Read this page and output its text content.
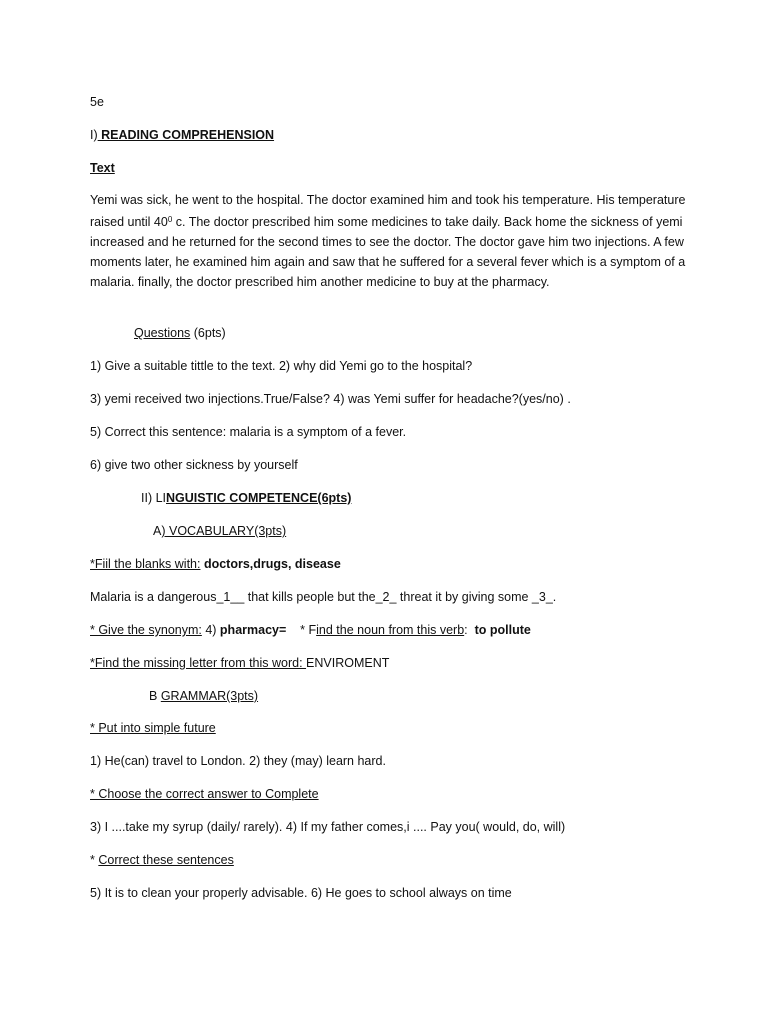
5e
I) READING COMPREHENSION
Text
Yemi was sick, he went to the hospital. The doctor examined him and took his temperature. His temperature raised until $40^0$ c. The doctor prescribed him some medicines to take daily. Back home the sickness of yemi increased and he returned for the second times to see the doctor. The doctor gave him two injections. A few moments later, he examined him again and saw that he suffered for a several fever which is a symptom of a malaria. finally, the doctor prescribed him another medicine to buy at the pharmacy.
Questions (6pts)
1) Give a suitable tittle to the text. 2) why did Yemi go to the hospital?
3) yemi received two injections.True/False? 4) was Yemi suffer for headache?(yes/no) .
5) Correct this sentence: malaria is a symptom of a fever.
6) give two other sickness by yourself
II) LINGUISTIC COMPETENCE(6pts)
A) VOCABULARY(3pts)
*Fiil the blanks with: doctors,drugs, disease
Malaria is a dangerous_1__ that kills people but the_2_ threat it by giving some _3_.
* Give the synonym: 4) pharmacy=    * Find the noun from this verb:  to pollute
*Find the missing letter from this word: ENVIROMENT
B GRAMMAR(3pts)
* Put into simple future
1) He(can) travel to London. 2) they (may) learn hard.
* Choose the correct answer to Complete
3) I ....take my syrup (daily/ rarely). 4) If my father comes,i .... Pay you( would, do, will)
* Correct these sentences
5) It is to clean your properly advisable. 6) He goes to school always on time
